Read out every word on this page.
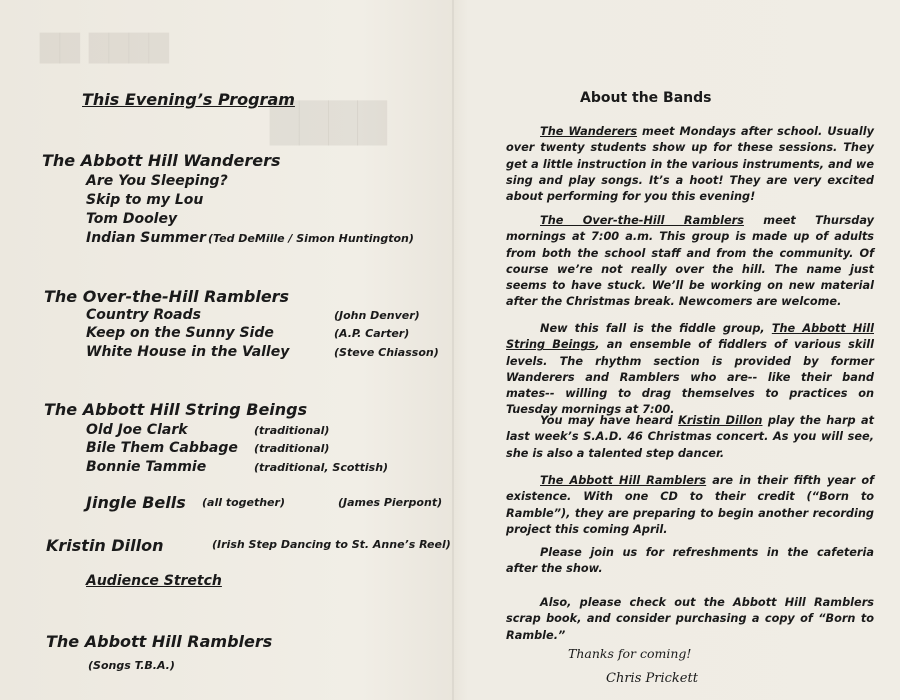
██ ████
████
This Evening’s Program
The Abbott Hill Wanderers
Are You Sleeping?
Skip to my Lou
Tom Dooley
Indian Summer (Ted DeMille / Simon Huntington)
The Over-the-Hill Ramblers
Country Roads	(John Denver)
Keep on the Sunny Side	(A.P. Carter)
White House in the Valley	(Steve Chiasson)
The Abbott Hill String Beings
Old Joe Clark	(traditional)
Bile Them Cabbage (traditional)
Bonnie Tammie	(traditional, Scottish)
Jingle Bells (all together)	(James Pierpont)
Kristin Dillon	(Irish Step Dancing to St. Anne’s Reel)
Audience Stretch
The Abbott Hill Ramblers
(Songs T.B.A.)
About the Bands
The Wanderers meet Mondays after school. Usually over twenty students show up for these sessions. They get a little instruction in the various instruments, and we sing and play songs. It’s a hoot! They are very excited about performing for you this evening!
The Over-the-Hill Ramblers meet Thursday mornings at 7:00 a.m. This group is made up of adults from both the school staff and from the community. Of course we’re not really over the hill. The name just seems to have stuck. We’ll be working on new material after the Christmas break. Newcomers are welcome.
New this fall is the fiddle group, The Abbott Hill String Beings, an ensemble of fiddlers of various skill levels. The rhythm section is provided by former Wanderers and Ramblers who are-- like their band mates-- willing to drag themselves to practices on Tuesday mornings at 7:00.
You may have heard Kristin Dillon play the harp at last week’s S.A.D. 46 Christmas concert. As you will see, she is also a talented step dancer.
The Abbott Hill Ramblers are in their fifth year of existence. With one CD to their credit (“Born to Ramble”), they are preparing to begin another recording project this coming April.
Please join us for refreshments in the cafeteria after the show.
Also, please check out the Abbott Hill Ramblers scrap book, and consider purchasing a copy of “Born to Ramble.”
Thanks for coming!
Chris Prickett
